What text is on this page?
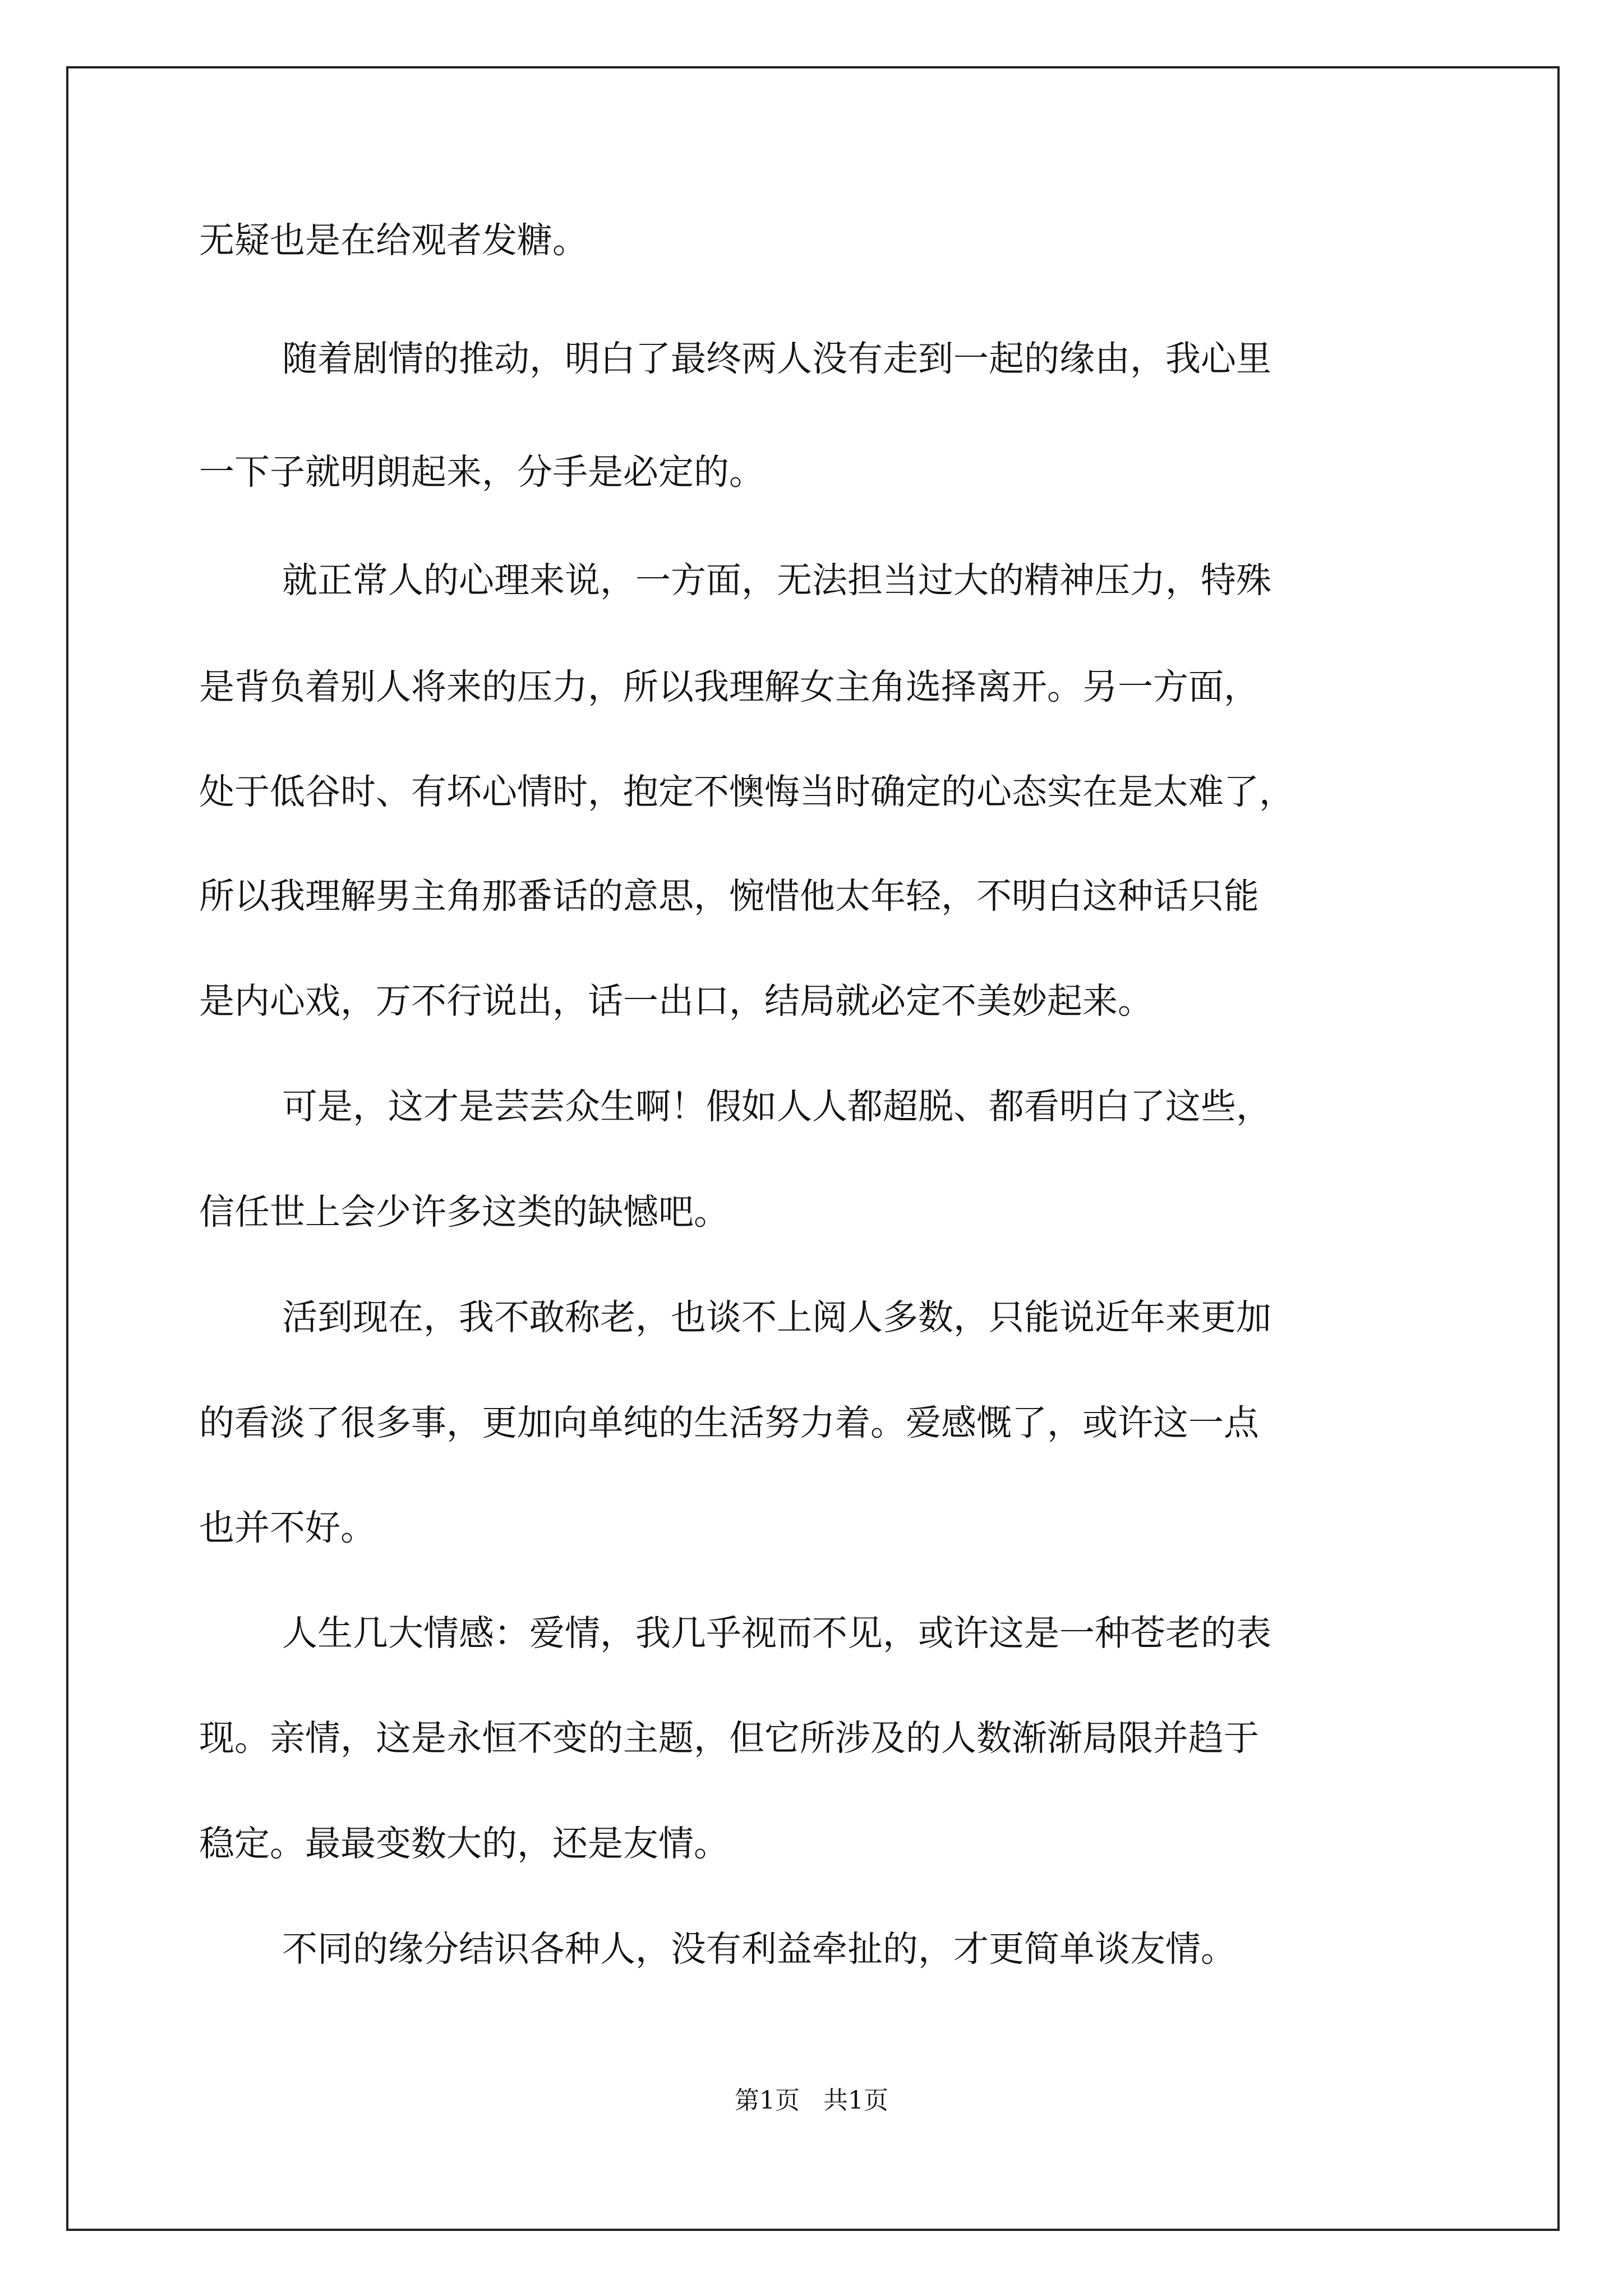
无疑也是在给观者发糖。
随着剧情的推动，明白了最终两人没有走到一起的缘由，我心里
一下子就明朗起来，分手是必定的。
就正常人的心理来说，一方面，无法担当过大的精神压力，特殊
是背负着别人将来的压力，所以我理解女主角选择离开。另一方面，
处于低谷时、有坏心情时，抱定不懊悔当时确定的心态实在是太难了，
所以我理解男主角那番话的意思，惋惜他太年轻，不明白这种话只能
是内心戏，万不行说出，话一出口，结局就必定不美妙起来。
可是，这才是芸芸众生啊！假如人人都超脱、都看明白了这些，
信任世上会少许多这类的缺憾吧。
活到现在，我不敢称老，也谈不上阅人多数，只能说近年来更加
的看淡了很多事，更加向单纯的生活努力着。爱感慨了，或许这一点
也并不好。
人生几大情感：爱情，我几乎视而不见，或许这是一种苍老的表
现。亲情，这是永恒不变的主题，但它所涉及的人数渐渐局限并趋于
稳定。最最变数大的，还是友情。
不同的缘分结识各种人，没有利益牵扯的，才更简单谈友情。
第1页   共1页
